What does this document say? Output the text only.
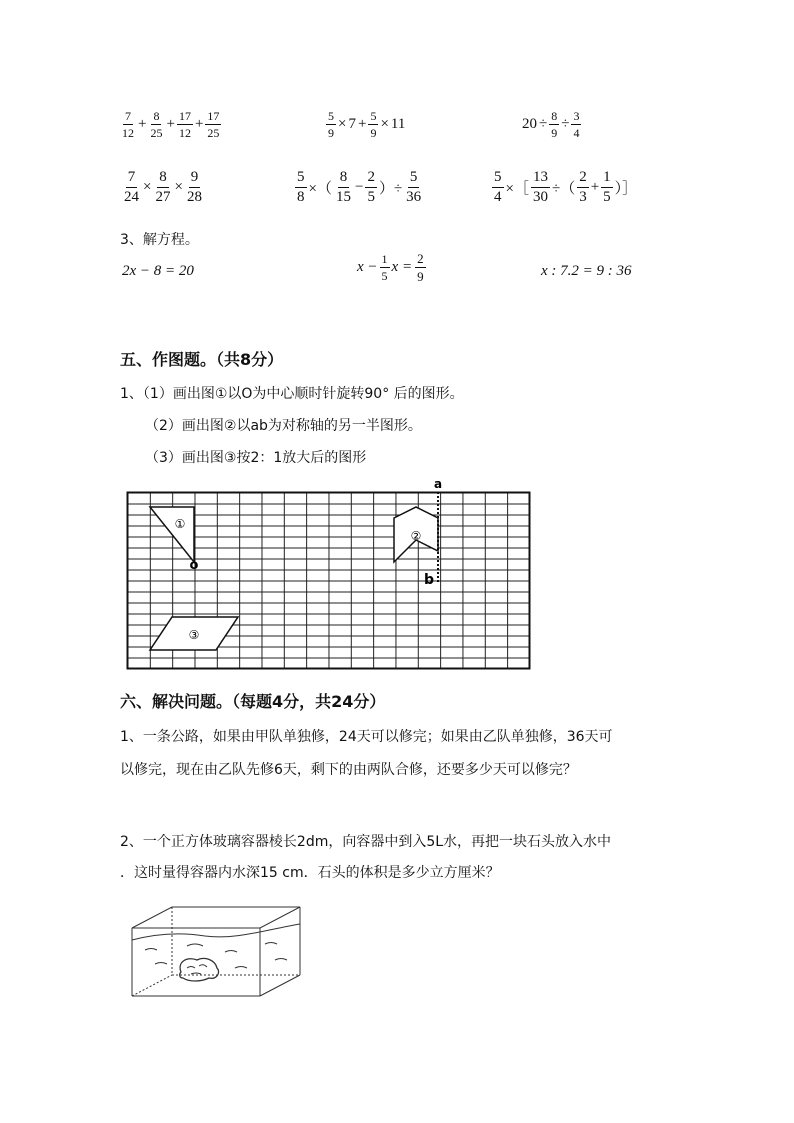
$\frac{7}{12} + \frac{8}{25} + \frac{17}{12} + \frac{17}{25}$	$\frac{5}{9} \times 7 + \frac{5}{9} \times 11$	$20 \div \frac{8}{9} \div \frac{3}{4}$
$\frac{7}{24} \times \frac{8}{27} \times \frac{9}{28}$	$\frac{5}{8}$ ×（ $\frac{8}{15} - \frac{2}{5}$ ）÷ $\frac{5}{36}$	$\frac{5}{4}$ ×［ $\frac{13}{30}$ ÷（ $\frac{2}{3} + \frac{1}{5}$ ）］
3、解方程。
2x − 8 = 20	$x - \frac{1}{5}$ $x = \frac{2}{9}$	x : 7.2 = 9 : 36
五、作图题。（共8分）
1、（1）画出图①以O为中心顺时针旋转90° 后的图形。
（2）画出图②以ab为对称轴的另一半图形。
（3）画出图③按2：1放大后的图形
①
o
②
a
b
③
六、解决问题。（每题4分，共24分）
1、一条公路，如果由甲队单独修，24天可以修完；如果由乙队单独修，36天可
以修完，现在由乙队先修6天，剩下的由两队合修，还要多少天可以修完？
2、一个正方体玻璃容器棱长2dm，向容器中到入5L水，再把一块石头放入水中
．这时量得容器内水深15 cm．石头的体积是多少立方厘米？
